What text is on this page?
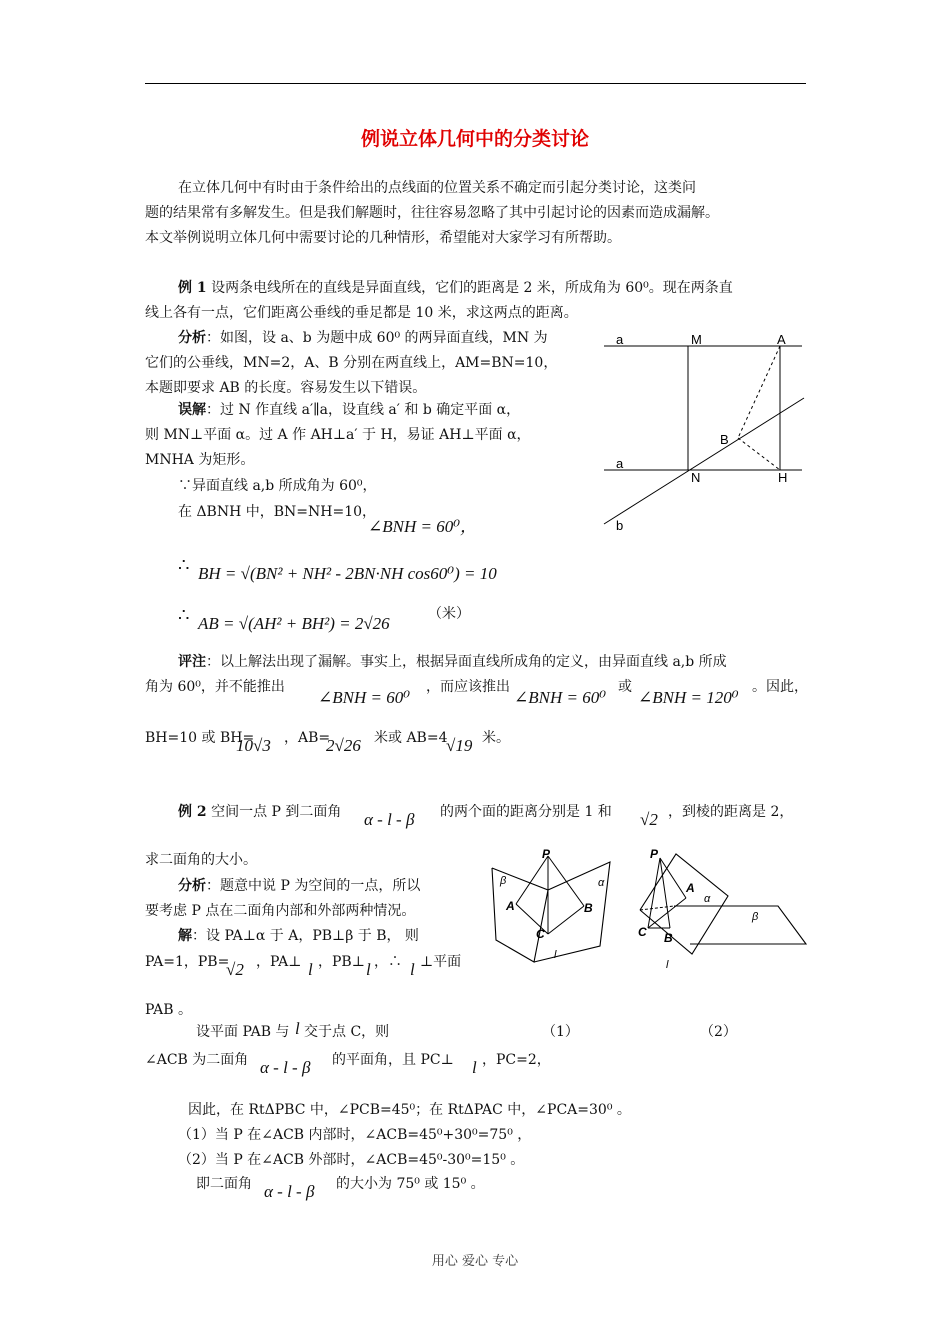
例说立体几何中的分类讨论
在立体几何中有时由于条件给出的点线面的位置关系不确定而引起分类讨论，这类问
题的结果常有多解发生。但是我们解题时，往往容易忽略了其中引起讨论的因素而造成漏解。
本文举例说明立体几何中需要讨论的几种情形，希望能对大家学习有所帮助。
例 1 设两条电线所在的直线是异面直线，它们的距离是 2 米，所成角为 60⁰。现在两条直
线上各有一点，它们距离公垂线的垂足都是 10 米，求这两点的距离。
分析：如图，设 a、b 为题中成 60⁰ 的两异面直线，MN 为
它们的公垂线，MN=2，A、B 分别在两直线上，AM=BN=10，
本题即要求 AB 的长度。容易发生以下错误。
误解：过 N 作直线 a′∥a，设直线 a′ 和 b 确定平面 α，
则 MN⊥平面 α。过 A 作 AH⊥a′ 于 H，易证 AH⊥平面 α，
MNHA 为矩形。
∵异面直线 a,b 所成角为 60⁰，
在 ΔBNH 中，BN=NH=10，
∠BNH = 60⁰，
∴ BH = √(BN² + NH² - 2BN·NH cos60⁰) = 10
∴ AB = √(AH² + BH²) = 2√26	（米）
评注：以上解法出现了漏解。事实上，根据异面直线所成角的定义，由异面直线 a,b 所成
角为 60⁰，并不能推出
∠BNH = 60⁰
，而应该推出
∠BNH = 60⁰
或
∠BNH = 120⁰
。因此，
BH=10 或 BH=
10√3 ，AB=
2√26 米或 AB=4
√19 米。
a	M	A
B
a
N	H
b
例 2 空间一点 P 到二面角 α - l - β 的两个面的距离分别是 1 和 √2 ，到棱的距离是 2，
求二面角的大小。
分析：题意中说 P 为空间的一点，所以
要考虑 P 点在二面角内部和外部两种情况。
解：设 PA⊥α 于 A，PB⊥β 于 B， 则
PA=1，PB=
√2 ，PA⊥ l ，PB⊥ l ，∴ l ⊥平面
PAB 。
设平面 PAB 与 l 交于点 C，则	（1）	（2）
∠ACB 为二面角 α - l - β 的平面角，且 PC⊥ l ，PC=2，
因此，在 RtΔPBC 中，∠PCB=45⁰；在 RtΔPAC 中，∠PCA=30⁰ 。
（1）当 P 在∠ACB 内部时，∠ACB=45⁰+30⁰=75⁰ ，
（2）当 P 在∠ACB 外部时，∠ACB=45⁰-30⁰=15⁰ 。
即二面角 α - l - β 的大小为 75⁰ 或 15⁰ 。
P
A	B
C
α
β
l
P
A
B
C
α
β
l
用心 爱心 专心
